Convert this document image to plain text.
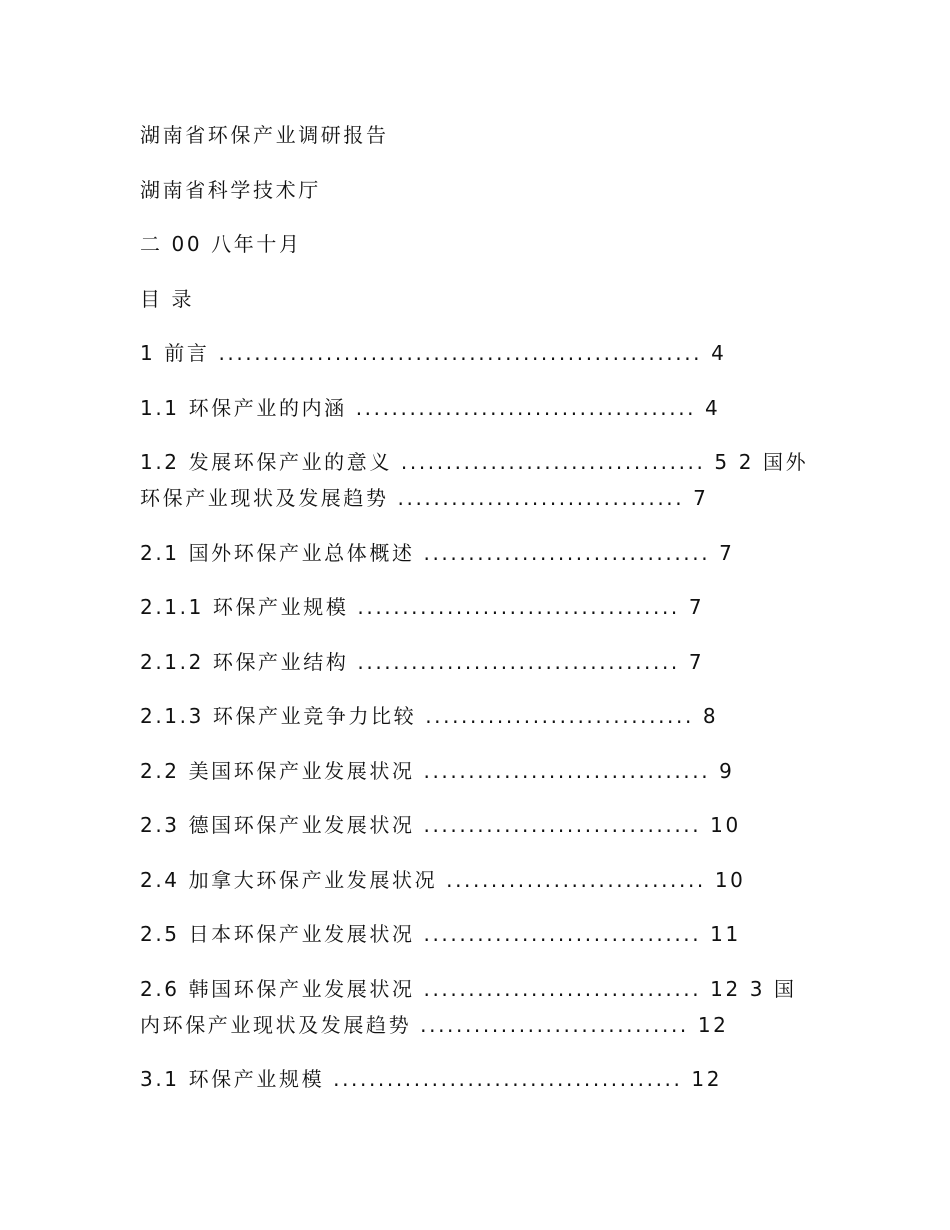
湖南省环保产业调研报告
湖南省科学技术厅
二 00 八年十月
目 录
1 前言 ...................................................... 4
1.1 环保产业的内涵 ...................................... 4
1.2 发展环保产业的意义 .................................. 5 2 国外
环保产业现状及发展趋势 ................................ 7
2.1 国外环保产业总体概述 ................................ 7
2.1.1 环保产业规模 .................................... 7
2.1.2 环保产业结构 .................................... 7
2.1.3 环保产业竞争力比较 .............................. 8
2.2 美国环保产业发展状况 ................................ 9
2.3 德国环保产业发展状况 ............................... 10
2.4 加拿大环保产业发展状况 ............................. 10
2.5 日本环保产业发展状况 ............................... 11
2.6 韩国环保产业发展状况 ............................... 12 3 国
内环保产业现状及发展趋势 .............................. 12
3.1 环保产业规模 ....................................... 12
